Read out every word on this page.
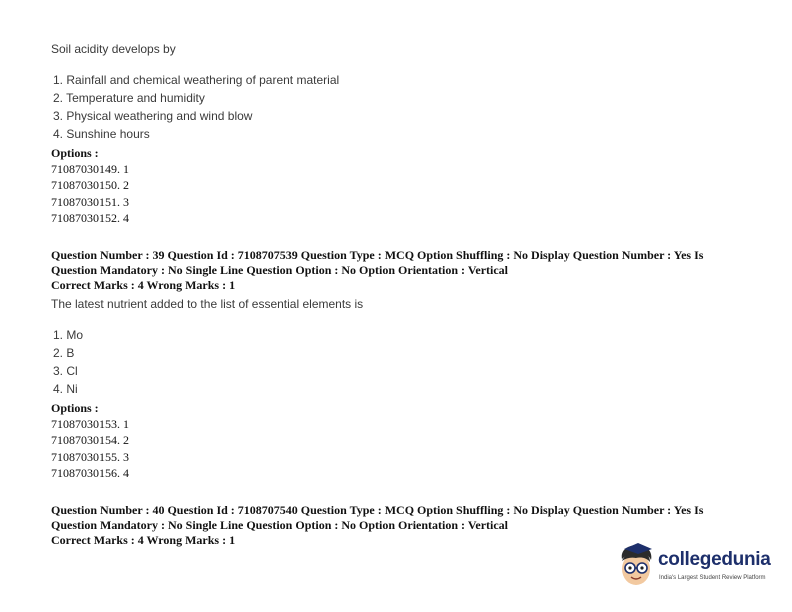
Soil acidity develops by
1. Rainfall and chemical weathering of parent material
2. Temperature and humidity
3. Physical weathering and wind blow
4. Sunshine hours
Options :
71087030149. 1
71087030150. 2
71087030151. 3
71087030152. 4
Question Number : 39 Question Id : 7108707539 Question Type : MCQ Option Shuffling : No Display Question Number : Yes Is
Question Mandatory : No Single Line Question Option : No Option Orientation : Vertical
Correct Marks : 4 Wrong Marks : 1
The latest nutrient added to the list of essential elements is
1. Mo
2. B
3. Cl
4. Ni
Options :
71087030153. 1
71087030154. 2
71087030155. 3
71087030156. 4
Question Number : 40 Question Id : 7108707540 Question Type : MCQ Option Shuffling : No Display Question Number : Yes Is
Question Mandatory : No Single Line Question Option : No Option Orientation : Vertical
Correct Marks : 4 Wrong Marks : 1
collegedunia
India's Largest Student Review Platform
